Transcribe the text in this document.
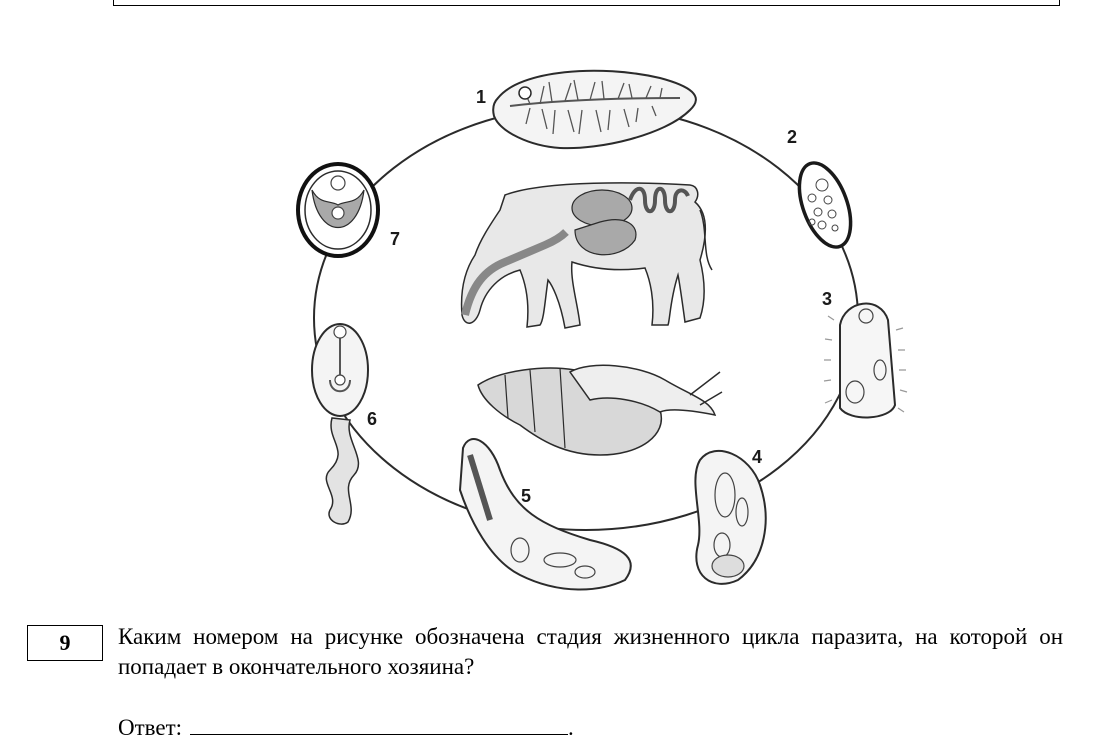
1
2
3
4
5
6
7
9 Каким номером на рисунке обозначена стадия жизненного цикла паразита, на которой он попадает в окончательного хозяина?
Ответ:	.
